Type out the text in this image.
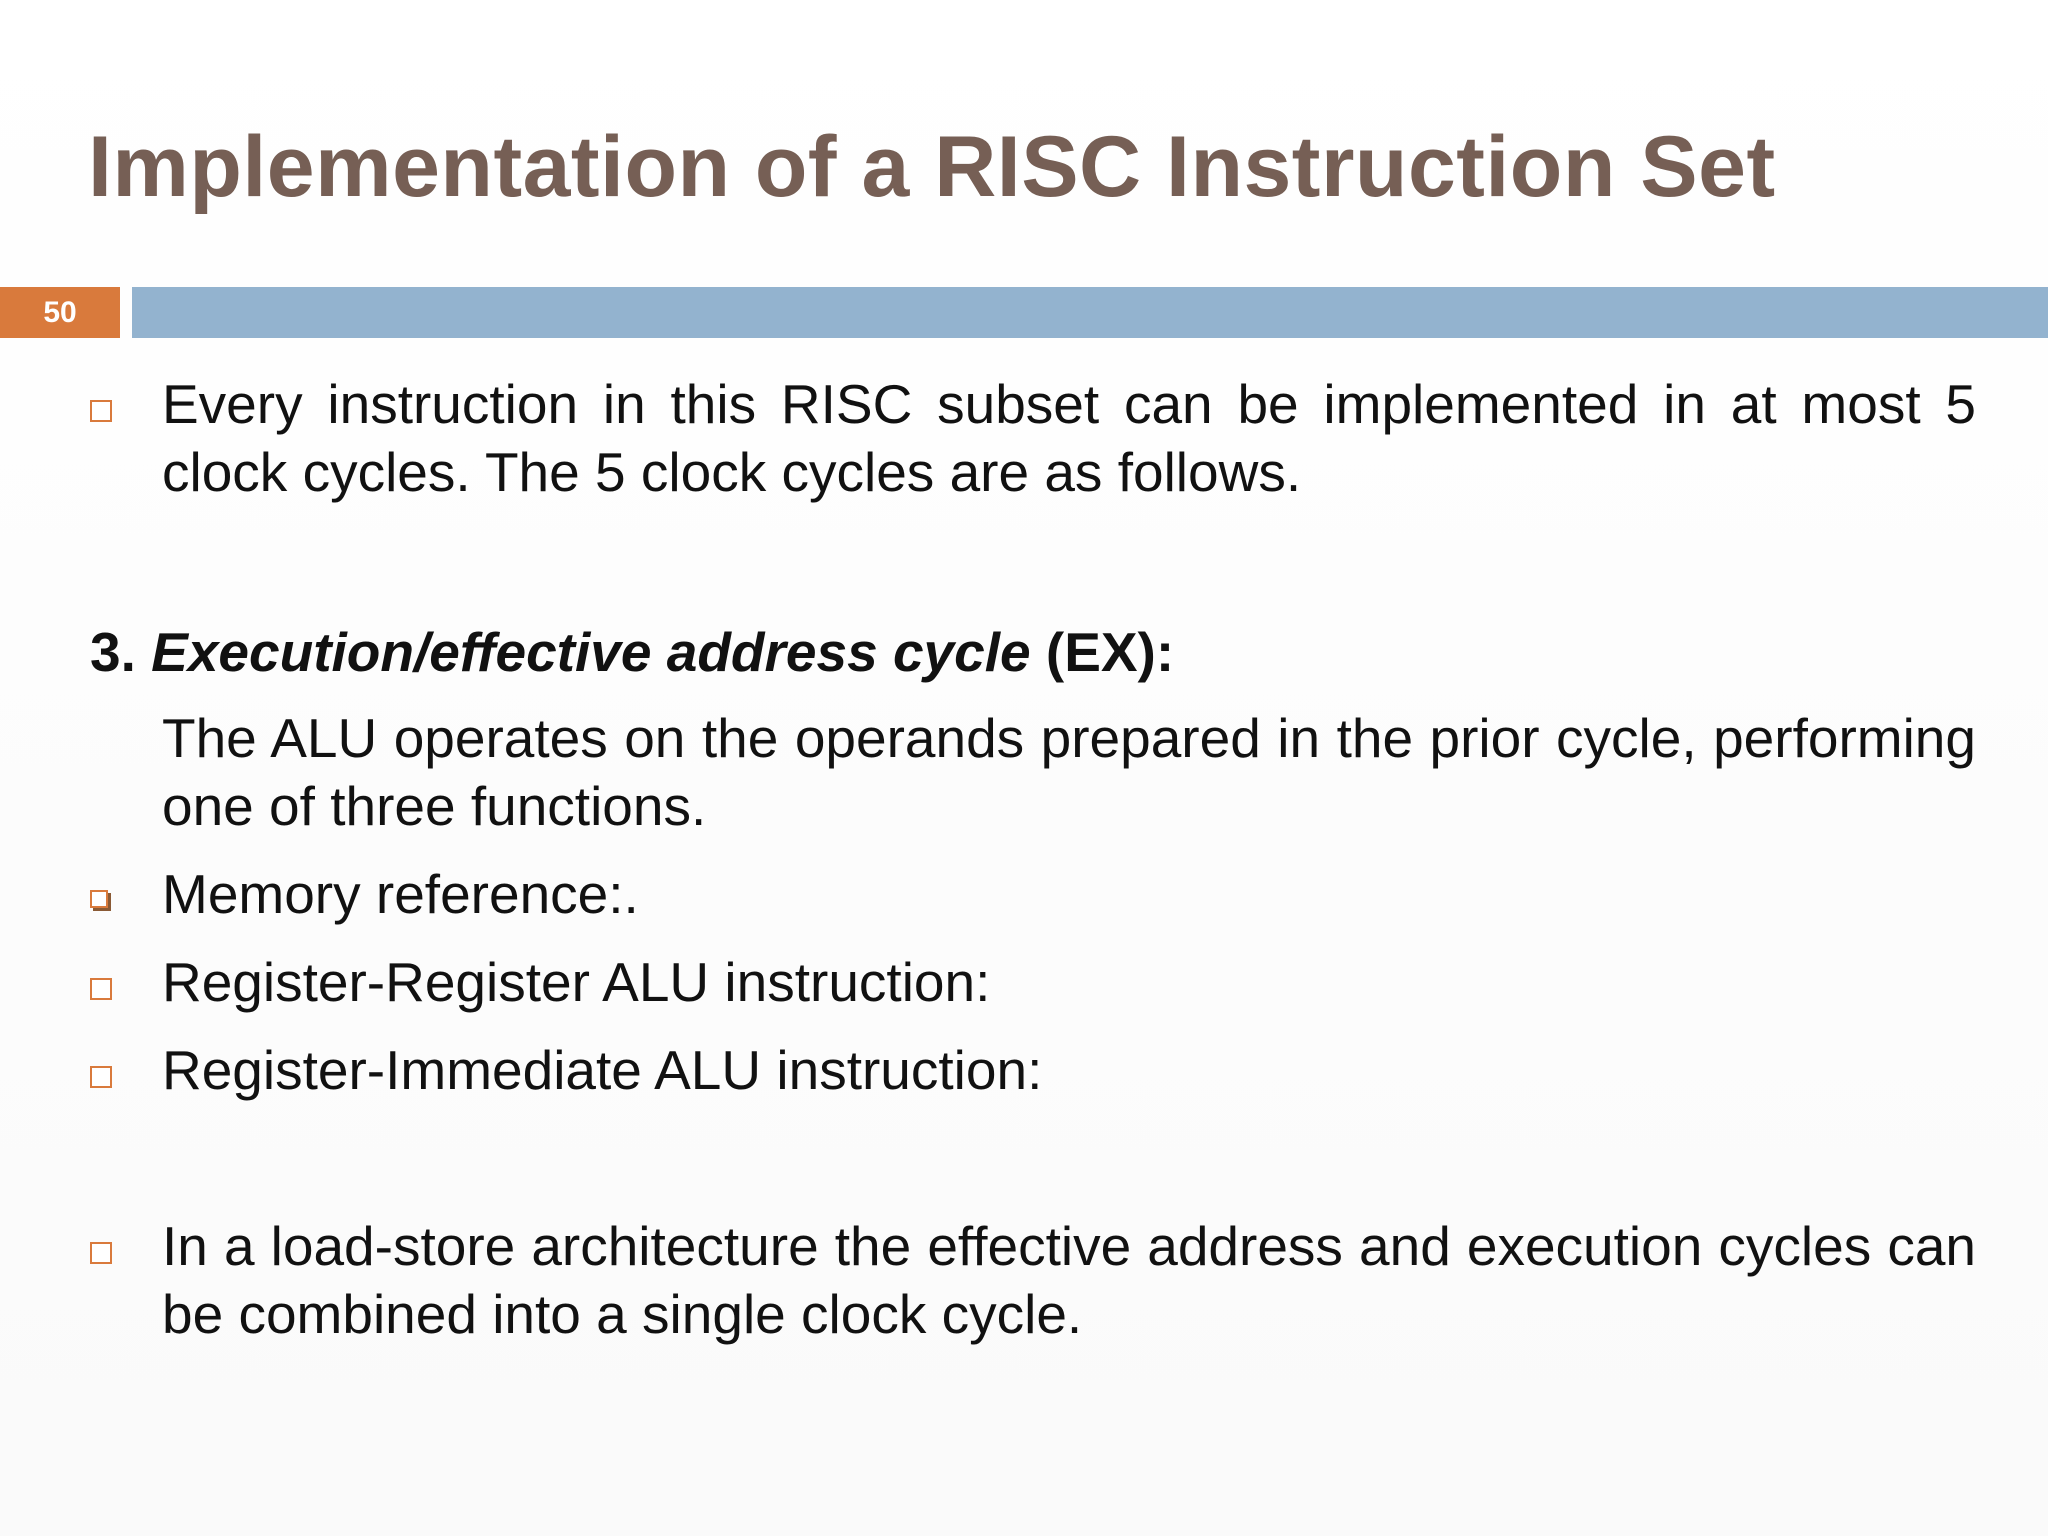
Implementation of a RISC Instruction Set
50
Every instruction in this RISC subset can be implemented in at most 5 clock cycles. The 5 clock cycles are as follows.
3. Execution/effective address cycle (EX):
The ALU operates on the operands prepared in the prior cycle, performing one of three functions.
Memory reference:.
Register-Register ALU instruction:
Register-Immediate ALU instruction:
In a load-store architecture the effective address and execution cycles can be combined into a single clock cycle.
